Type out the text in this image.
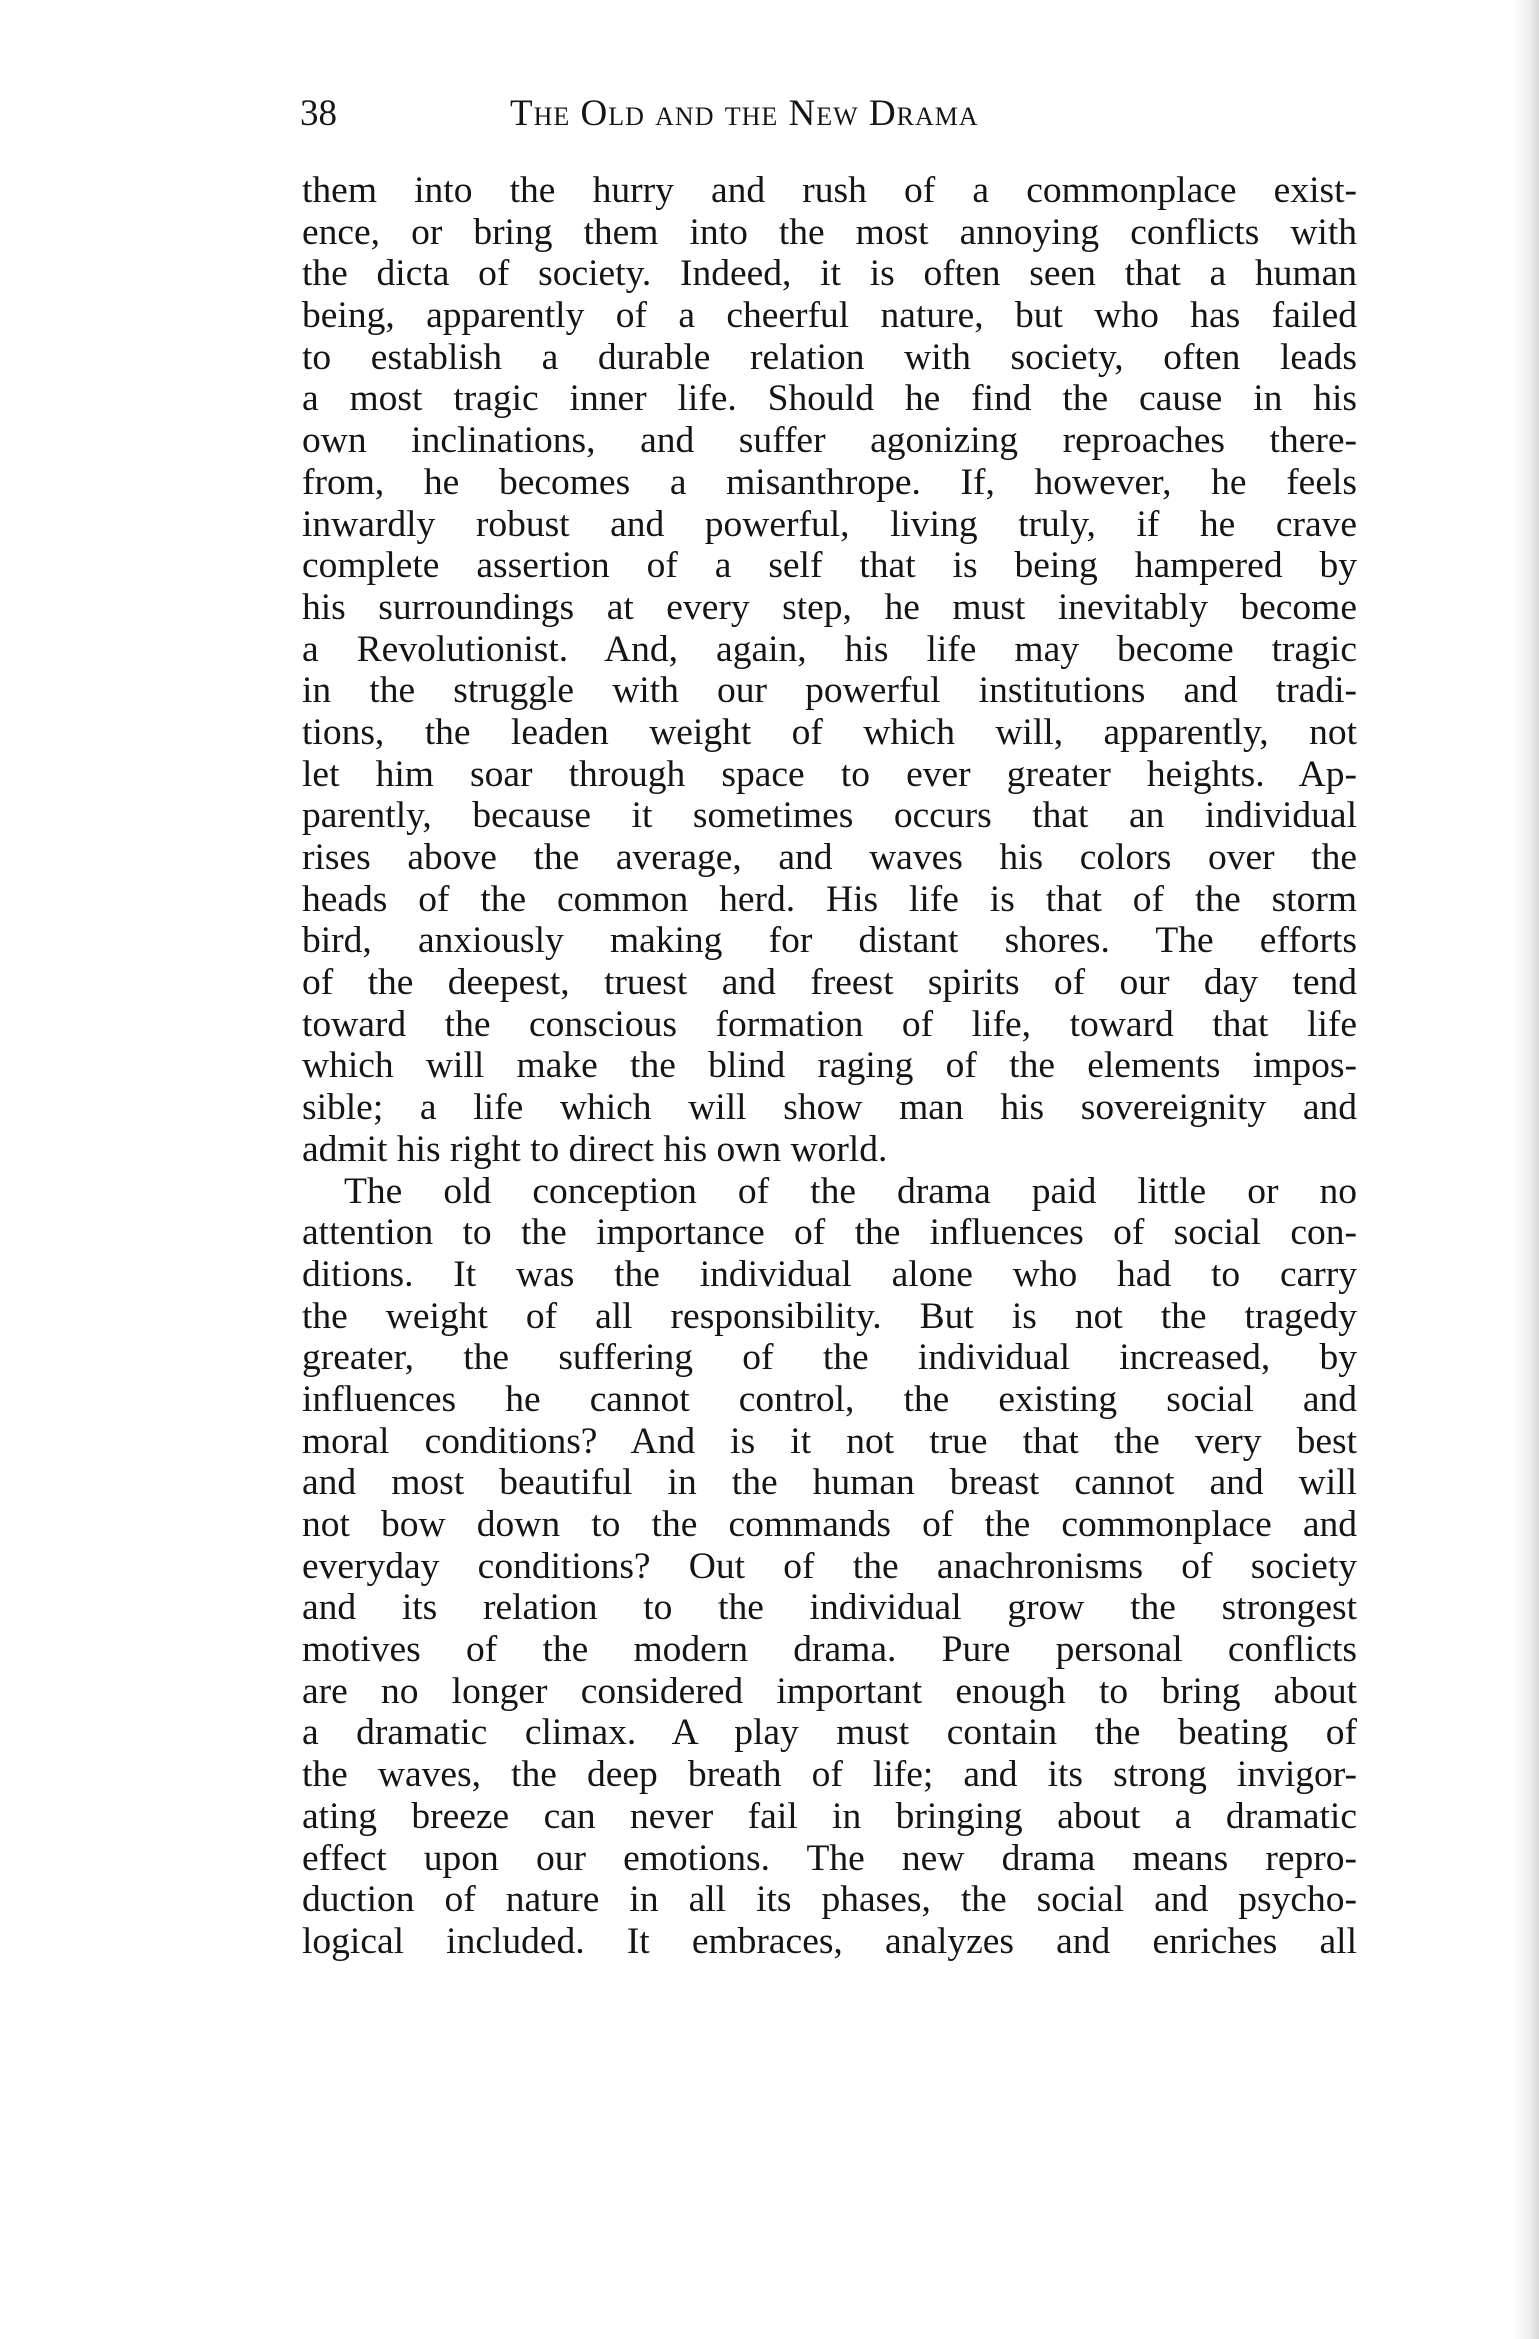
38	The Old and the New Drama
them into the hurry and rush of a commonplace exist-
ence, or bring them into the most annoying conflicts with
the dicta of society. Indeed, it is often seen that a human
being, apparently of a cheerful nature, but who has failed
to establish a durable relation with society, often leads
a most tragic inner life. Should he find the cause in his
own inclinations, and suffer agonizing reproaches there-
from, he becomes a misanthrope. If, however, he feels
inwardly robust and powerful, living truly, if he crave
complete assertion of a self that is being hampered by
his surroundings at every step, he must inevitably become
a Revolutionist. And, again, his life may become tragic
in the struggle with our powerful institutions and tradi-
tions, the leaden weight of which will, apparently, not
let him soar through space to ever greater heights. Ap-
parently, because it sometimes occurs that an individual
rises above the average, and waves his colors over the
heads of the common herd. His life is that of the storm
bird, anxiously making for distant shores. The efforts
of the deepest, truest and freest spirits of our day tend
toward the conscious formation of life, toward that life
which will make the blind raging of the elements impos-
sible; a life which will show man his sovereignity and
admit his right to direct his own world.
The old conception of the drama paid little or no
attention to the importance of the influences of social con-
ditions. It was the individual alone who had to carry
the weight of all responsibility. But is not the tragedy
greater, the suffering of the individual increased, by
influences he cannot control, the existing social and
moral conditions? And is it not true that the very best
and most beautiful in the human breast cannot and will
not bow down to the commands of the commonplace and
everyday conditions? Out of the anachronisms of society
and its relation to the individual grow the strongest
motives of the modern drama. Pure personal conflicts
are no longer considered important enough to bring about
a dramatic climax. A play must contain the beating of
the waves, the deep breath of life; and its strong invigor-
ating breeze can never fail in bringing about a dramatic
effect upon our emotions. The new drama means repro-
duction of nature in all its phases, the social and psycho-
logical included. It embraces, analyzes and enriches all
